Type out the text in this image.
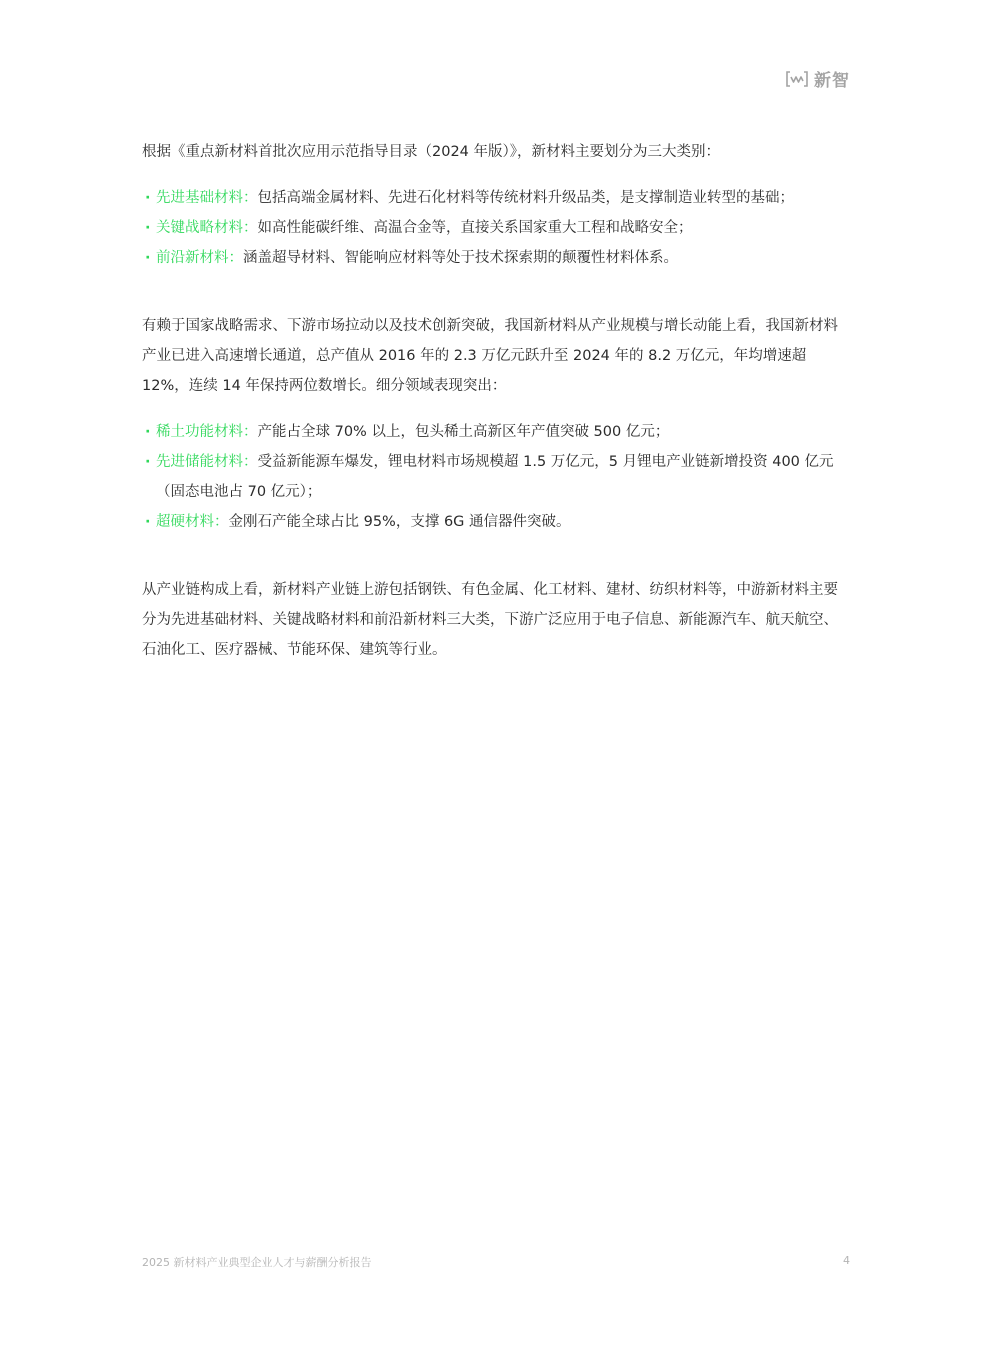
新智

根据《重点新材料首批次应用示范指导目录（2024 年版）》，新材料主要划分为三大类别：

· 先进基础材料：包括高端金属材料、先进石化材料等传统材料升级品类，是支撑制造业转型的基础；
· 关键战略材料：如高性能碳纤维、高温合金等，直接关系国家重大工程和战略安全；
· 前沿新材料：涵盖超导材料、智能响应材料等处于技术探索期的颠覆性材料体系。

有赖于国家战略需求、下游市场拉动以及技术创新突破，我国新材料从产业规模与增长动能上看，我国新材料产业已进入高速增长通道，总产值从 2016 年的 2.3 万亿元跃升至 2024 年的 8.2 万亿元，年均增速超 12%，连续 14 年保持两位数增长。细分领域表现突出：

· 稀土功能材料：产能占全球 70% 以上，包头稀土高新区年产值突破 500 亿元；
· 先进储能材料：受益新能源车爆发，锂电材料市场规模超 1.5 万亿元，5 月锂电产业链新增投资 400 亿元（固态电池占 70 亿元）；
· 超硬材料：金刚石产能全球占比 95%，支撑 6G 通信器件突破。

从产业链构成上看，新材料产业链上游包括钢铁、有色金属、化工材料、建材、纺织材料等，中游新材料主要分为先进基础材料、关键战略材料和前沿新材料三大类，下游广泛应用于电子信息、新能源汽车、航天航空、石油化工、医疗器械、节能环保、建筑等行业。

2025 新材料产业典型企业人才与薪酬分析报告	4
